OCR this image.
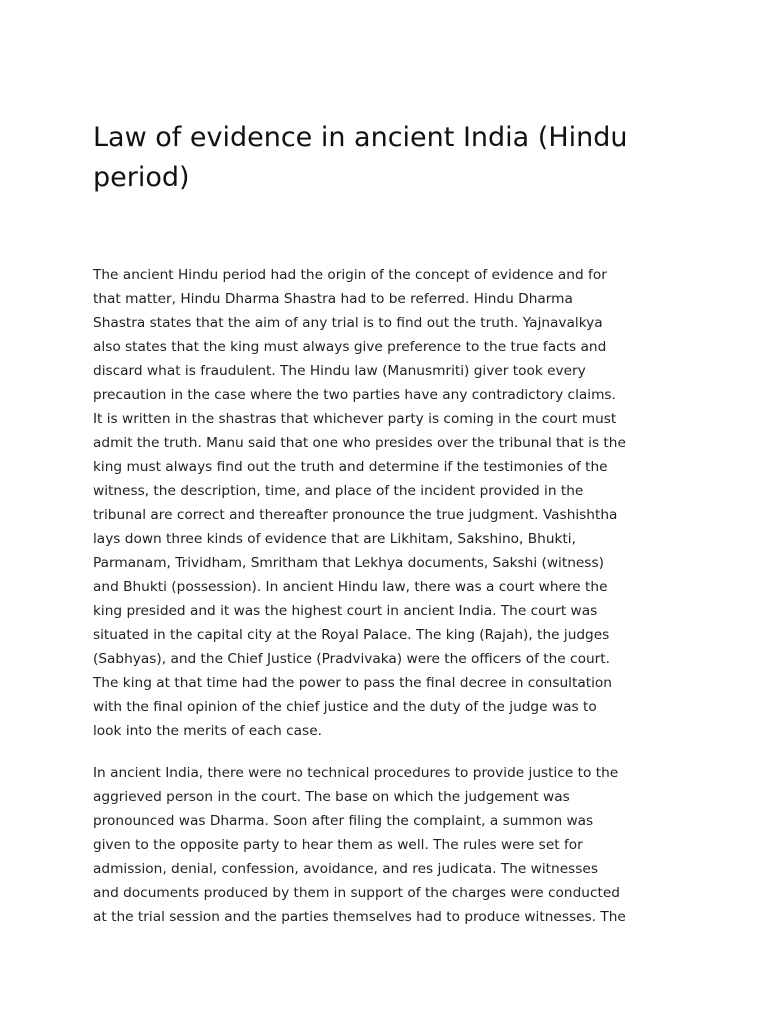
Law of evidence in ancient India (Hindu
period)
The ancient Hindu period had the origin of the concept of evidence and for
that matter, Hindu Dharma Shastra had to be referred. Hindu Dharma
Shastra states that the aim of any trial is to find out the truth. Yajnavalkya
also states that the king must always give preference to the true facts and
discard what is fraudulent. The Hindu law (Manusmriti) giver took every
precaution in the case where the two parties have any contradictory claims.
It is written in the shastras that whichever party is coming in the court must
admit the truth. Manu said that one who presides over the tribunal that is the
king must always find out the truth and determine if the testimonies of the
witness, the description, time, and place of the incident provided in the
tribunal are correct and thereafter pronounce the true judgment. Vashishtha
lays down three kinds of evidence that are Likhitam, Sakshino, Bhukti,
Parmanam, Trividham, Smritham that Lekhya documents, Sakshi (witness)
and Bhukti (possession). In ancient Hindu law, there was a court where the
king presided and it was the highest court in ancient India. The court was
situated in the capital city at the Royal Palace. The king (Rajah), the judges
(Sabhyas), and the Chief Justice (Pradvivaka) were the officers of the court.
The king at that time had the power to pass the final decree in consultation
with the final opinion of the chief justice and the duty of the judge was to
look into the merits of each case.
In ancient India, there were no technical procedures to provide justice to the
aggrieved person in the court. The base on which the judgement was
pronounced was Dharma. Soon after filing the complaint, a summon was
given to the opposite party to hear them as well. The rules were set for
admission, denial, confession, avoidance, and res judicata. The witnesses
and documents produced by them in support of the charges were conducted
at the trial session and the parties themselves had to produce witnesses. The
